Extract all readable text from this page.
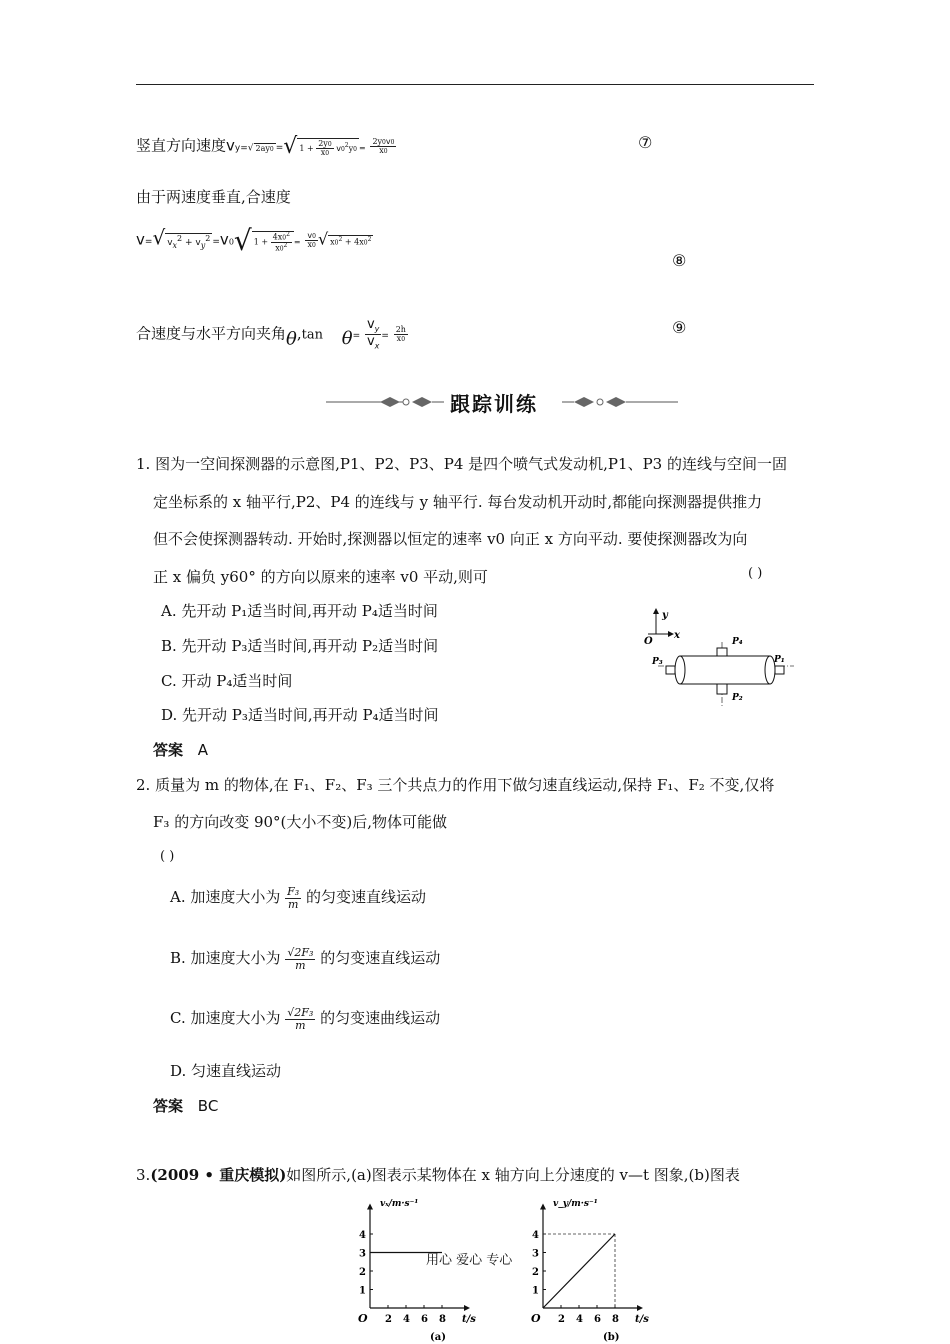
竖直方向速度vy=√ 2ay0 =√ $1 + \frac{2y0}{x0} v0^2y0 = \frac{2y0v0}{x0}$	⑦
由于两速度垂直,合速度
v=√ $v_x^2 + v_y^2 =v0√$ $1 + \frac{4x0^2}{x0^2} = \frac{v0}{x0}$ √ $x0^2 + 4x0^2$
⑧
合速度与水平方向夹角θ,tan $\theta= \frac{v_y}{v_x} = \frac{2h}{x0}$	⑨
跟踪训练
1. 图为一空间探测器的示意图,P1、P2、P3、P4 是四个喷气式发动机,P1、P3 的连线与空间一固
定坐标系的 x 轴平行,P2、P4 的连线与 y 轴平行. 每台发动机开动时,都能向探测器提供推力
但不会使探测器转动. 开始时,探测器以恒定的速率 v0 向正 x 方向平动. 要使探测器改为向
正 x 偏负 y60° 的方向以原来的速率 v0 平动,则可	( )
A. 先开动 P₁适当时间,再开动 P₄适当时间
B. 先开动 P₃适当时间,再开动 P₂适当时间
C. 开动 P₄适当时间
D. 先开动 P₃适当时间,再开动 P₄适当时间
答案 A
y
x
O	P₄
P₁
P₃
P₂
2. 质量为 m 的物体,在 F₁、F₂、F₃ 三个共点力的作用下做匀速直线运动,保持 F₁、F₂ 不变,仅将
F₃ 的方向改变 90°(大小不变)后,物体可能做
( )
A. 加速度大小为 $\frac{\text{F₃}}{m}$ 的匀变速直线运动
B. 加速度大小为 $\frac{\text{√2F₃}}{m}$ 的匀变速直线运动
C. 加速度大小为 $\frac{\text{√2F₃}}{m}$ 的匀变速曲线运动
D. 匀速直线运动
答案 BC
3.(2009 • 重庆模拟)如图所示,(a)图表示某物体在 x 轴方向上分速度的 v—t 图象,(b)图表
O 2 4 6 8
1
2
3
4
vₓ/m·s⁻¹
t/s
(a)
O 2 4 6 8
1
2
3
4
v_y/m·s⁻¹
t/s
(b)
用心 爱心 专心
